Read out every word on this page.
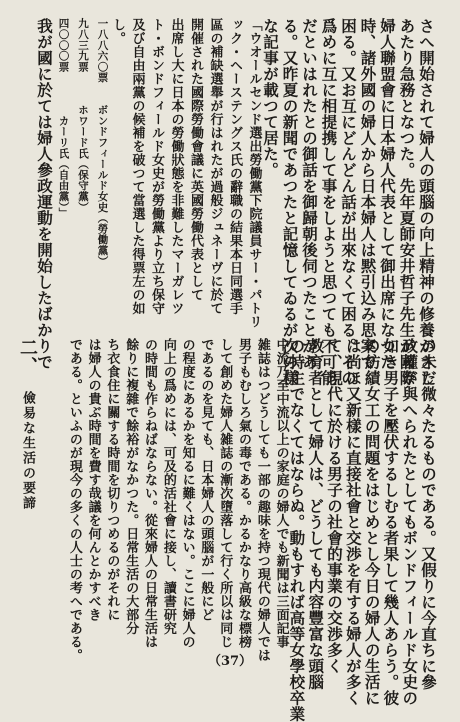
さへ開始されて婦人の頭腦の向上精神の修養がさし
あたり急務となつた。先年夏師安井哲子先生が國際
婦人聯盟會に日本婦人代表として御出席になつた
時、諸外國の婦人から日本婦人は黙引込み思案で
困る。又お互にどんどん話が出來なくて困る。その
爲めに互に相提携して事をしようと思つても不可能
だといはれたとの御話を御歸朝後伺つたことがあ
る。又昨夏の新聞であつたと記憶してゐるが次の樣
な記事が載つて居た。
「ウオールセンド選出勞働黨下院議員サー・パトリ
ック・ヘーステングス氏の辭職の結果本日同選手
區の補缺選舉が行はれたが過般ジュネーヴに於て
開催された國際勞働會議に英國勞働代表として
出席し大に日本の勞働狀態を非難したマーガレツ
ト・ボンドフィールド女史が勞働黨より立ち保守
及び自由兩黨の候補を破つて當選した得票左の如
し。
一八八六〇票　　ボンドフィールド女史（勞働黨）
九八三九票　　　ホワード氏（保守黨）
四〇〇〇票　　　　カーリ氏（自由黨）」
我が國に於ては婦人參政運動を開始したばかりで
の未だ微々たるものである。又假りに今直ちに參
政權が與へられたとしてもボンドフィールド女史の
如き男子を壓伏するしむる者果して幾人あらう。彼
の紡績女工の問題をはじめとし今日の婦人の生活に
は尚ほ又新樣に直接社會と交渉を有する婦人が多く
て、現代に於ける男子の社會的事業の交渉多く
教育者として婦人は、どうしても内容豐富な頭腦
の持主でなくてはならぬ。動もすれば高等女學校卒業
中流乃至中流以上の家庭の婦人でも新聞は三面記事
雑誌はつどうしても一部の趣味を持つ現代の婦人では
男子もむしろ氣の毒である。かるかなり高級な標榜
して創めた婦人雑誌の漸次墮落して行く所以は同じ
であるのを見ても、日本婦人の頭腦が一般にど
の程度にあるかを知るに難くはない。ここに婦人の
向上の爲めには、可及的活社會に接し、讀書研究
の時間も作らねばならない。從來婦人の日常生活は
餘りに複雜で餘裕がなかつた。日常生活の大部分
ち衣食住に關する時間を切りつめるのがそれに
は婦人の貴ぶ時間を費す哉議を何んとかすべき
である。といふのが現今の多くの人士の考へである。
二、儉易な生活の要諦
（37）
